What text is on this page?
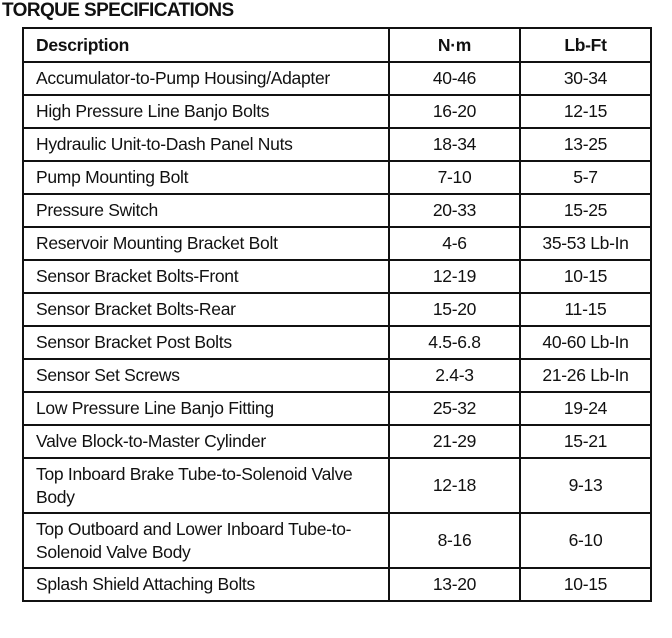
TORQUE SPECIFICATIONS
Description	N·m	Lb-Ft
Accumulator-to-Pump Housing/Adapter	40-46	30-34
High Pressure Line Banjo Bolts	16-20	12-15
Hydraulic Unit-to-Dash Panel Nuts	18-34	13-25
Pump Mounting Bolt	7-10	5-7
Pressure Switch	20-33	15-25
Reservoir Mounting Bracket Bolt	4-6	35-53 Lb-In
Sensor Bracket Bolts-Front	12-19	10-15
Sensor Bracket Bolts-Rear	15-20	11-15
Sensor Bracket Post Bolts	4.5-6.8	40-60 Lb-In
Sensor Set Screws	2.4-3	21-26 Lb-In
Low Pressure Line Banjo Fitting	25-32	19-24
Valve Block-to-Master Cylinder	21-29	15-21
Top Inboard Brake Tube-to-Solenoid Valve Body	12-18	9-13
Top Outboard and Lower Inboard Tube-to-Solenoid Valve Body	8-16	6-10
Splash Shield Attaching Bolts	13-20	10-15
